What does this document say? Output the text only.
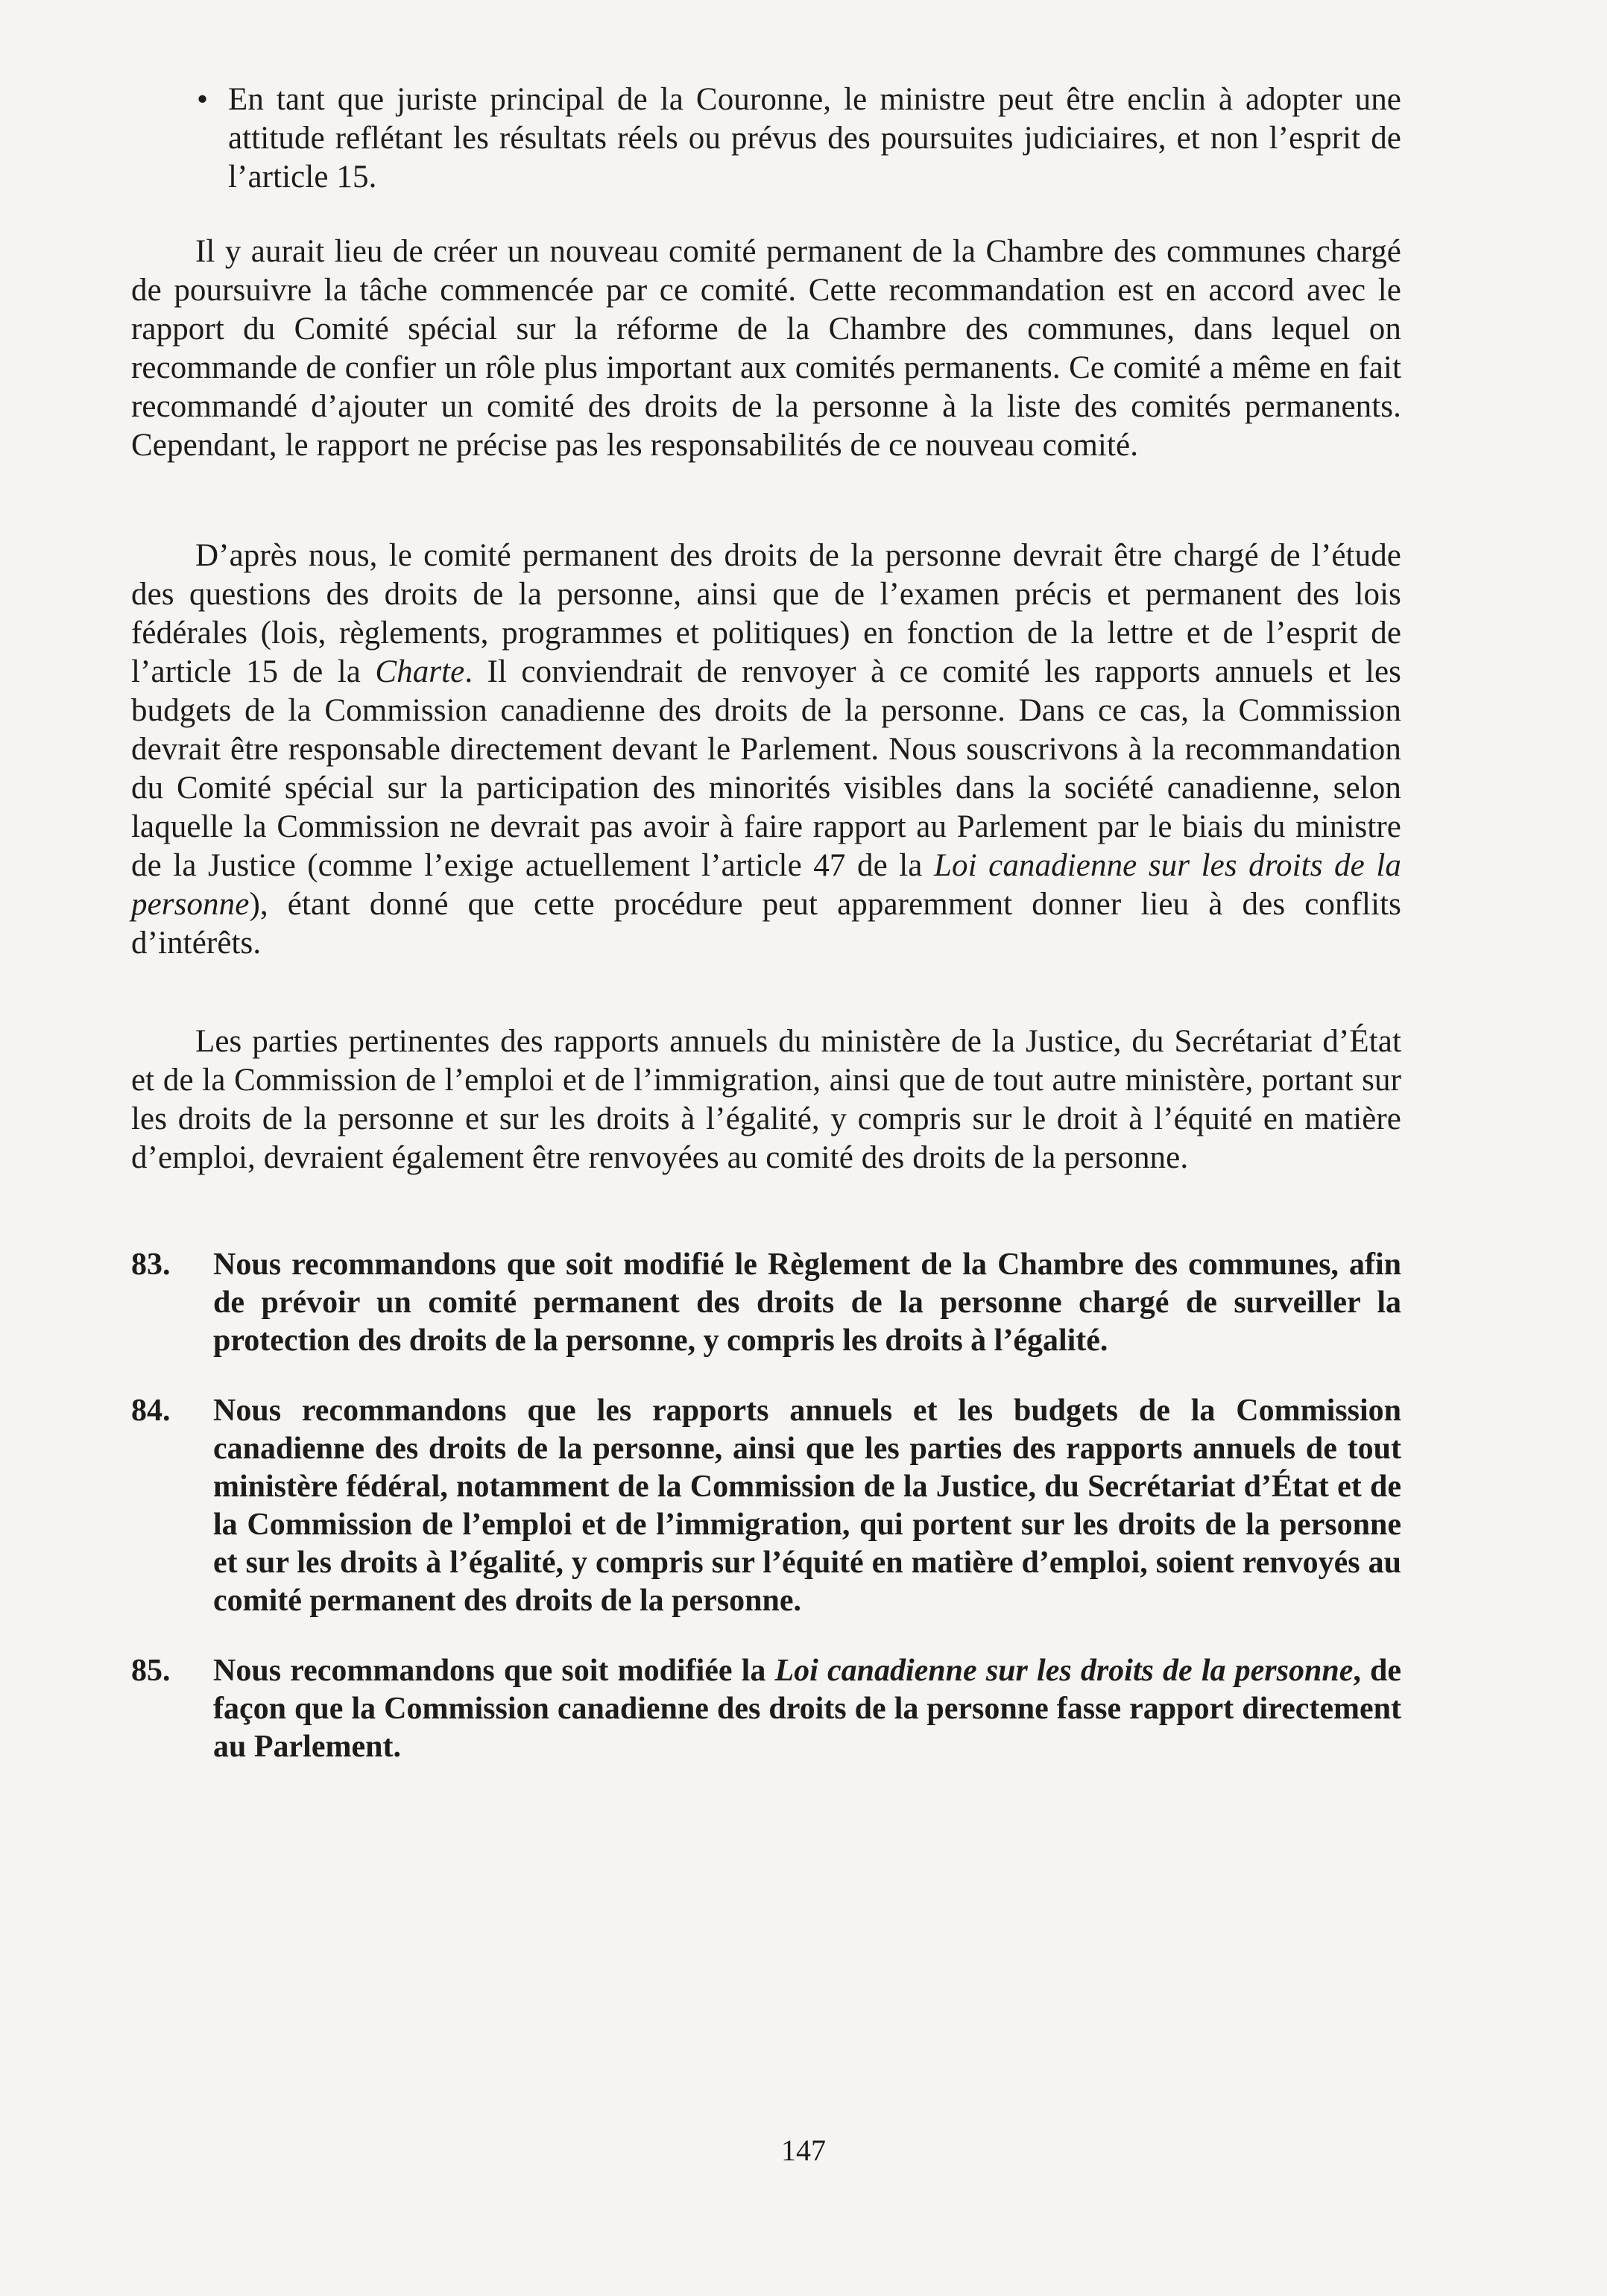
• En tant que juriste principal de la Couronne, le ministre peut être enclin à adopter une attitude reflétant les résultats réels ou prévus des poursuites judiciaires, et non l’esprit de l’article 15.
Il y aurait lieu de créer un nouveau comité permanent de la Chambre des communes chargé de poursuivre la tâche commencée par ce comité. Cette recommandation est en accord avec le rapport du Comité spécial sur la réforme de la Chambre des communes, dans lequel on recommande de confier un rôle plus important aux comités permanents. Ce comité a même en fait recommandé d’ajouter un comité des droits de la personne à la liste des comités permanents. Cependant, le rapport ne précise pas les responsabilités de ce nouveau comité.
D’après nous, le comité permanent des droits de la personne devrait être chargé de l’étude des questions des droits de la personne, ainsi que de l’examen précis et permanent des lois fédérales (lois, règlements, programmes et politiques) en fonction de la lettre et de l’esprit de l’article 15 de la Charte. Il conviendrait de renvoyer à ce comité les rapports annuels et les budgets de la Commission canadienne des droits de la personne. Dans ce cas, la Commission devrait être responsable directement devant le Parlement. Nous souscrivons à la recommandation du Comité spécial sur la participation des minorités visibles dans la société canadienne, selon laquelle la Commission ne devrait pas avoir à faire rapport au Parlement par le biais du ministre de la Justice (comme l’exige actuellement l’article 47 de la Loi canadienne sur les droits de la personne), étant donné que cette procédure peut apparemment donner lieu à des conflits d’intérêts.
Les parties pertinentes des rapports annuels du ministère de la Justice, du Secrétariat d’État et de la Commission de l’emploi et de l’immigration, ainsi que de tout autre ministère, portant sur les droits de la personne et sur les droits à l’égalité, y compris sur le droit à l’équité en matière d’emploi, devraient également être renvoyées au comité des droits de la personne.
83.	Nous recommandons que soit modifié le Règlement de la Chambre des communes, afin de prévoir un comité permanent des droits de la personne chargé de surveiller la protection des droits de la personne, y compris les droits à l’égalité.
84.	Nous recommandons que les rapports annuels et les budgets de la Commission canadienne des droits de la personne, ainsi que les parties des rapports annuels de tout ministère fédéral, notamment de la Commission de la Justice, du Secrétariat d’État et de la Commission de l’emploi et de l’immigration, qui portent sur les droits de la personne et sur les droits à l’égalité, y compris sur l’équité en matière d’emploi, soient renvoyés au comité permanent des droits de la personne.
85.	Nous recommandons que soit modifiée la Loi canadienne sur les droits de la personne, de façon que la Commission canadienne des droits de la personne fasse rapport directement au Parlement.
147
